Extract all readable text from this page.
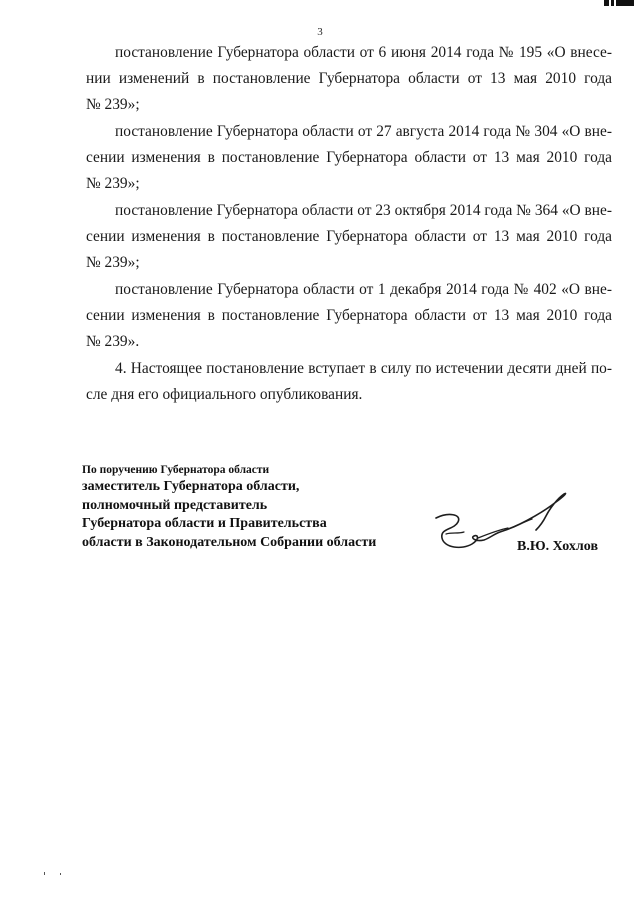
3
постановление Губернатора области от 6 июня 2014 года № 195 «О внесе-
нии изменений в постановление Губернатора области от 13 мая 2010 года
№ 239»;
постановление Губернатора области от 27 августа 2014 года № 304 «О вне-
сении изменения в постановление Губернатора области от 13 мая 2010 года
№ 239»;
постановление Губернатора области от 23 октября 2014 года № 364 «О вне-
сении изменения в постановление Губернатора области от 13 мая 2010 года
№ 239»;
постановление Губернатора области от 1 декабря 2014 года № 402 «О вне-
сении изменения в постановление Губернатора области от 13 мая 2010 года
№ 239».
4. Настоящее постановление вступает в силу по истечении десяти дней по-
сле дня его официального опубликования.
По поручению Губернатора области
заместитель Губернатора области,
полномочный представитель
Губернатора области и Правительства
области в Законодательном Собрании области	В.Ю. Хохлов
